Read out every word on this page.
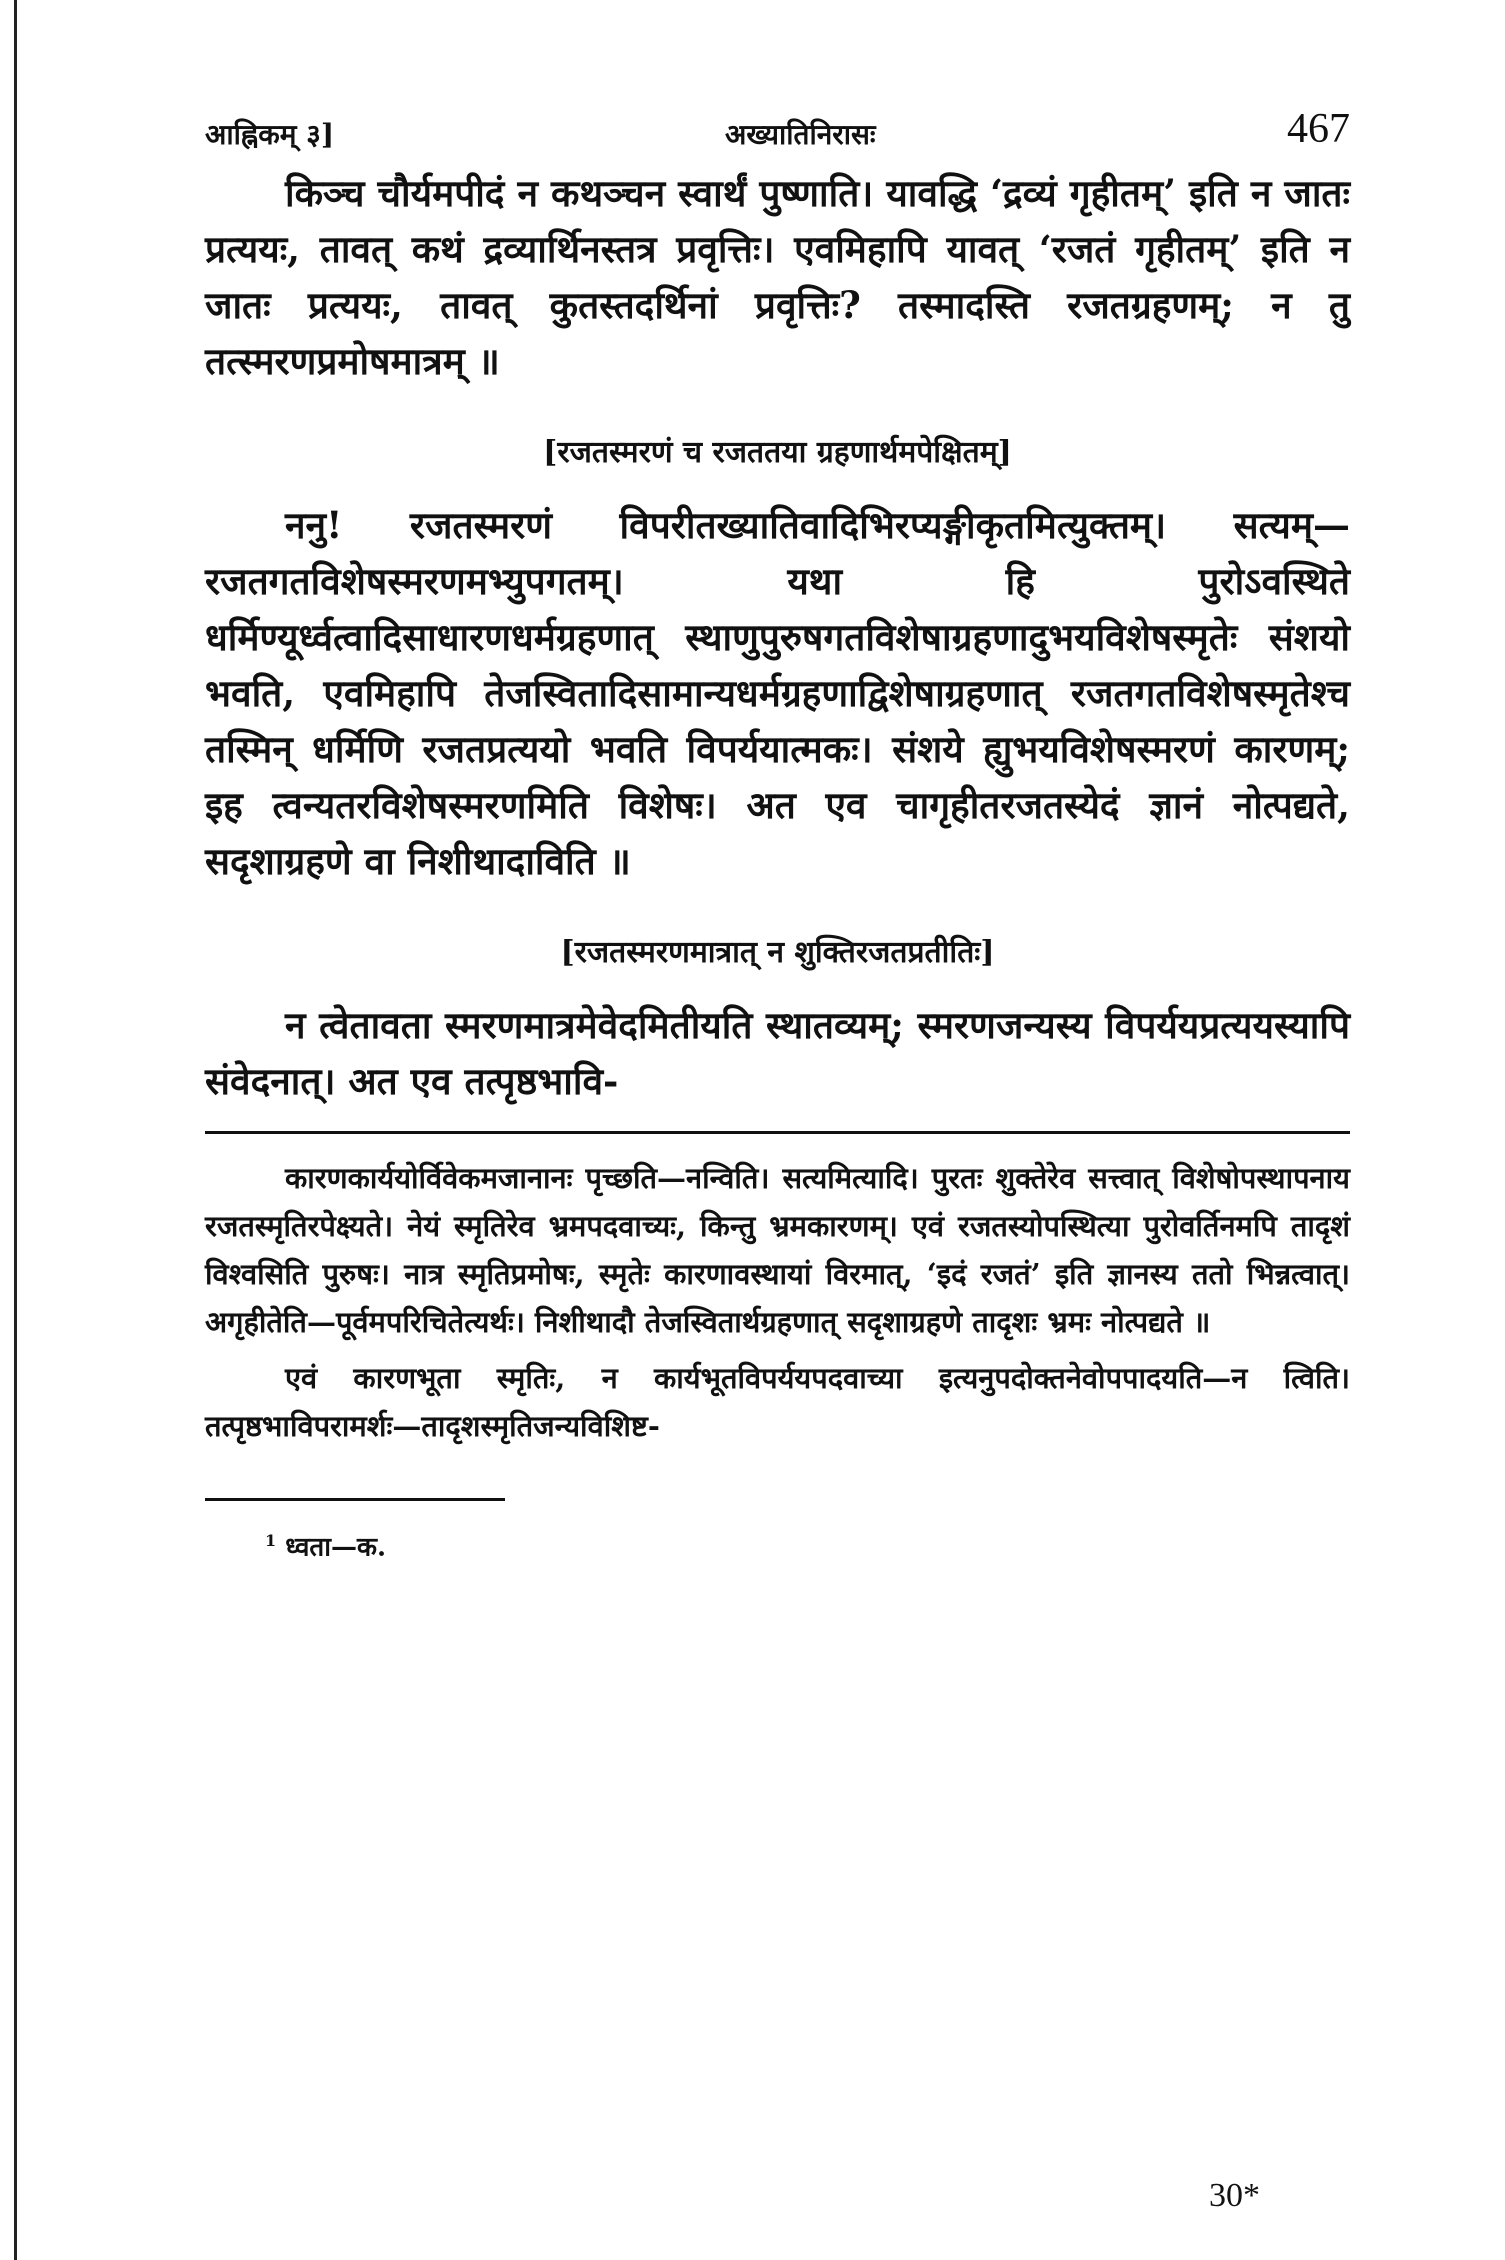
आह्निकम् ३]	अख्यातिनिरासः	467

किञ्च चौर्यमपीदं न कथञ्चन स्वार्थं पुष्णाति। यावद्धि ‘द्रव्यं गृहीतम्’ इति न जातः प्रत्ययः, तावत् कथं द्रव्यार्थिनस्तत्र प्रवृत्तिः। एवमिहापि यावत् ‘रजतं गृहीतम्’ इति न जातः प्रत्ययः, तावत् कुतस्तदर्थिनां प्रवृत्तिः? तस्मादस्ति रजतग्रहणम्; न तु तत्स्मरणप्रमोषमात्रम् ॥

[रजतस्मरणं च रजततया ग्रहणार्थमपेक्षितम्]

ननु! रजतस्मरणं विपरीतख्यातिवादिभिरप्यङ्गीकृतमित्युक्तम्। सत्यम्—रजतगतविशेषस्मरणमभ्युपगतम्। यथा हि पुरोऽवस्थिते धर्मिण्यूर्ध्वत्वादिसाधारणधर्मग्रहणात् स्थाणुपुरुषगतविशेषाग्रहणादुभयविशेषस्मृतेः संशयो भवति, एवमिहापि तेजस्वितादिसामान्यधर्मग्रहणाद्विशेषाग्रहणात् रजतगतविशेषस्मृतेश्च तस्मिन् धर्मिणि रजतप्रत्ययो भवति विपर्ययात्मकः। संशये ह्युभयविशेषस्मरणं कारणम्; इह त्वन्यतरविशेषस्मरणमिति विशेषः। अत एव चागृहीतरजतस्येदं ज्ञानं नोत्पद्यते, सदृशाग्रहणे वा निशीथादाविति ॥

[रजतस्मरणमात्रात् न शुक्तिरजतप्रतीतिः]

न त्वेतावता स्मरणमात्रमेवेदमितीयति स्थातव्यम्; स्मरणजन्यस्य विपर्ययप्रत्ययस्यापि संवेदनात्। अत एव तत्पृष्ठभावि-

कारणकार्ययोर्विवेकमजानानः पृच्छति—नन्विति। सत्यमित्यादि। पुरतः शुक्तेरेव सत्त्वात् विशेषोपस्थापनाय रजतस्मृतिरपेक्ष्यते। नेयं स्मृतिरेव भ्रमपदवाच्यः, किन्तु भ्रमकारणम्। एवं रजतस्योपस्थित्या पुरोवर्तिनमपि तादृशं विश्वसिति पुरुषः। नात्र स्मृतिप्रमोषः, स्मृतेः कारणावस्थायां विरमात्, ‘इदं रजतं’ इति ज्ञानस्य ततो भिन्नत्वात्। अगृहीतेति—पूर्वमपरिचितेत्यर्थः। निशीथादौ तेजस्वितार्थग्रहणात् सदृशाग्रहणे तादृशः भ्रमः नोत्पद्यते ॥

एवं कारणभूता स्मृतिः, न कार्यभूतविपर्ययपदवाच्या इत्यनुपदोक्तनेवोपपादयति—न त्विति। तत्पृष्ठभाविपरामर्शः—तादृशस्मृतिजन्यविशिष्ट-

$^1$ ध्वता—क.
30*
